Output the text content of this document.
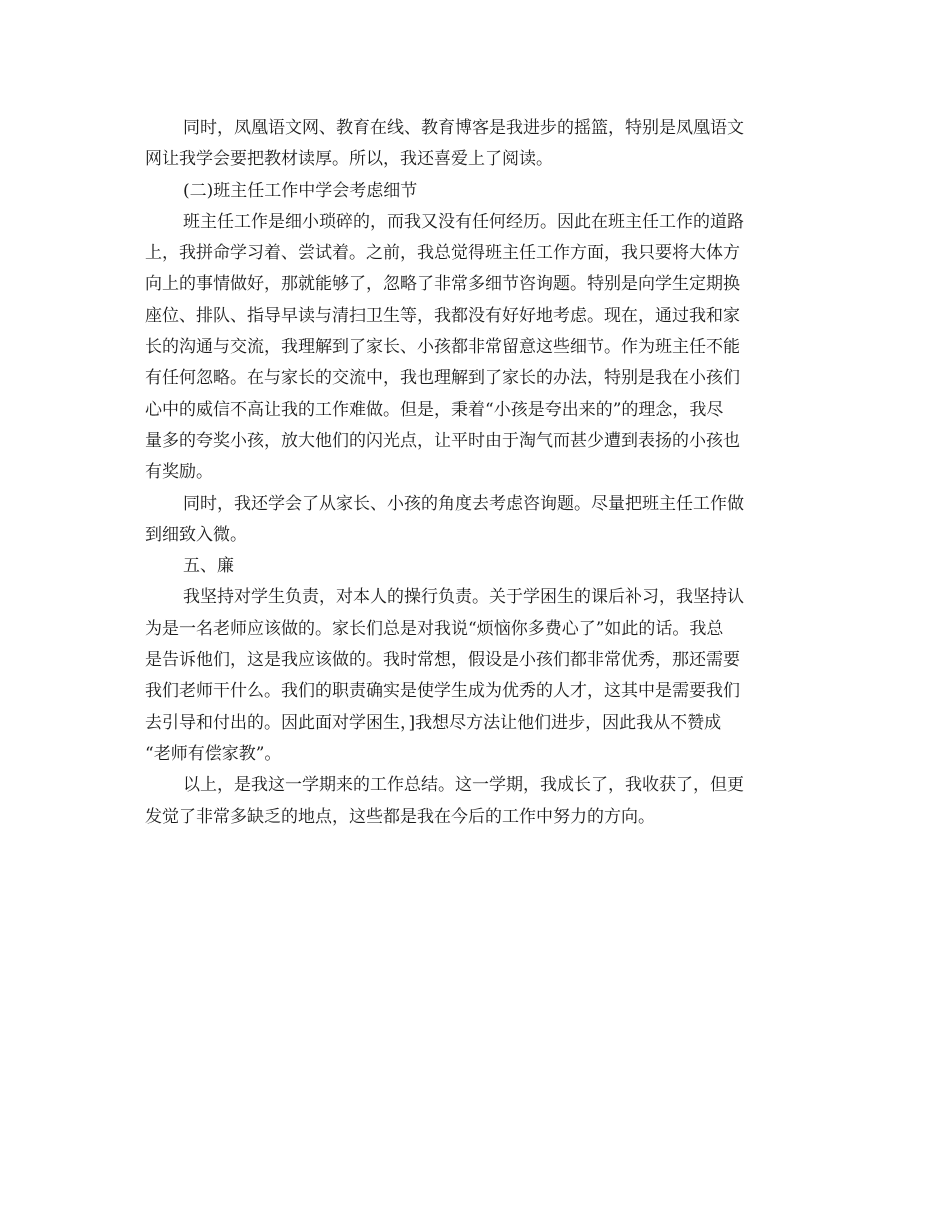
同时，凤凰语文网、教育在线、教育博客是我进步的摇篮，特别是凤凰语文
网让我学会要把教材读厚。所以，我还喜爱上了阅读。

(二)班主任工作中学会考虑细节

班主任工作是细小琐碎的，而我又没有任何经历。因此在班主任工作的道路
上，我拼命学习着、尝试着。之前，我总觉得班主任工作方面，我只要将大体方
向上的事情做好，那就能够了，忽略了非常多细节咨询题。特别是向学生定期换
座位、排队、指导早读与清扫卫生等，我都没有好好地考虑。现在，通过我和家
长的沟通与交流，我理解到了家长、小孩都非常留意这些细节。作为班主任不能
有任何忽略。在与家长的交流中，我也理解到了家长的办法，特别是我在小孩们
心中的威信不高让我的工作难做。但是，秉着“小孩是夸出来的”的理念，我尽
量多的夸奖小孩，放大他们的闪光点，让平时由于淘气而甚少遭到表扬的小孩也
有奖励。

同时，我还学会了从家长、小孩的角度去考虑咨询题。尽量把班主任工作做
到细致入微。

五、廉

我坚持对学生负责，对本人的操行负责。关于学困生的课后补习，我坚持认
为是一名老师应该做的。家长们总是对我说“烦恼你多费心了”如此的话。我总
是告诉他们，这是我应该做的。我时常想，假设是小孩们都非常优秀，那还需要
我们老师干什么。我们的职责确实是使学生成为优秀的人才，这其中是需要我们
去引导和付出的。因此面对学困生，]我想尽方法让他们进步，因此我从不赞成
“老师有偿家教”。

以上，是我这一学期来的工作总结。这一学期，我成长了，我收获了，但更
发觉了非常多缺乏的地点，这些都是我在今后的工作中努力的方向。
